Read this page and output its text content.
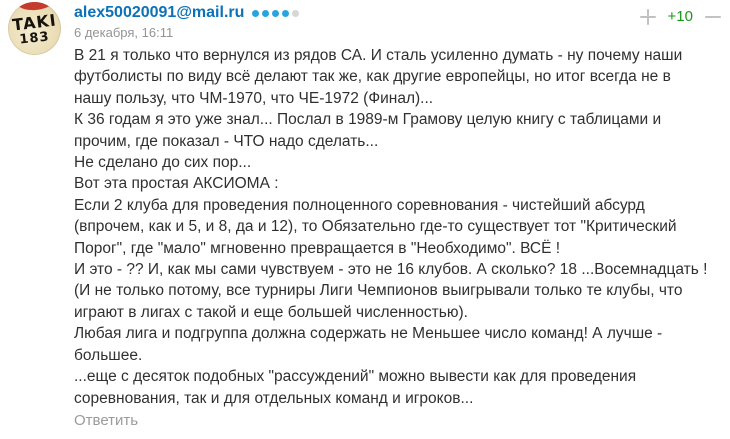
TAKI
183
alex50020091@mail.ru	+10
6 декабря, 16:11

В 21 я только что вернулся из рядов СА. И сталь усиленно думать - ну почему наши футболисты по виду всё делают так же, как другие европейцы, но итог всегда не в нашу пользу, что ЧМ-1970, что ЧЕ-1972 (Финал)...

К 36 годам я это уже знал... Послал в 1989-м Грамову целую книгу с таблицами и прочим, где показал - ЧТО надо сделать...

Не сделано до сих пор...

Вот эта простая АКСИОМА :

Если 2 клуба для проведения полноценного соревнования - чистейший абсурд (впрочем, как и 5, и 8, да и 12), то Обязательно где-то существует тот "Критический Порог", где "мало" мгновенно превращается в "Необходимо". ВСЁ !

И это - ?? И, как мы сами чувствуем - это не 16 клубов. А сколько? 18 ...Восемнадцать ! (И не только потому, все турниры Лиги Чемпионов выигрывали только те клубы, что играют в лигах с такой и еще большей численностью).

Любая лига и подгруппа должна содержать не Меньшее число команд! А лучше - большее.

...еще с десяток подобных "рассуждений" можно вывести как для проведения соревнования, так и для отдельных команд и игроков...

Ответить
